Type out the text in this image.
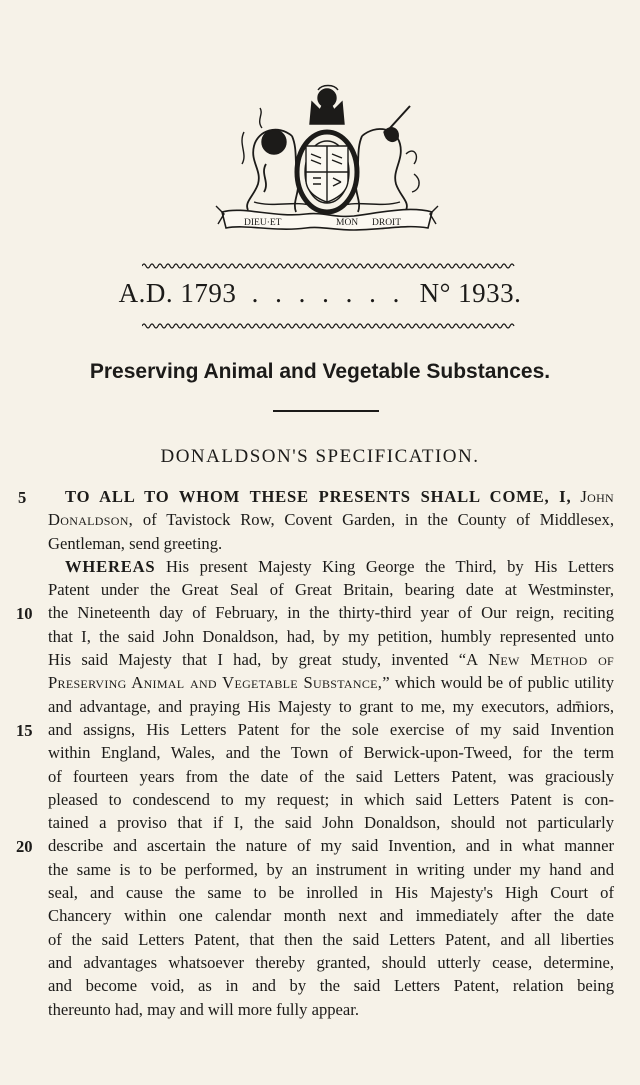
DIEU·ET	MON DROIT
A.D. 1793 . . . . . . . N° 1933.
Preserving Animal and Vegetable Substances.
DONALDSON'S SPECIFICATION.
5
10
15
20
TO ALL TO WHOM THESE PRESENTS SHALL COME, I, John
Donaldson, of Tavistock Row, Covent Garden, in the County of Middlesex,
Gentleman, send greeting.
WHEREAS His present Majesty King George the Third, by His Letters
Patent under the Great Seal of Great Britain, bearing date at Westminster,
the Nineteenth day of February, in the thirty-third year of Our reign, reciting
that I, the said John Donaldson, had, by my petition, humbly represented unto
His said Majesty that I had, by great study, invented “A New Method of
Preserving Animal and Vegetable Substance,” which would be of public utility
and advantage, and praying His Majesty to grant to me, my executors, adm̄iors,
and assigns, His Letters Patent for the sole exercise of my said Invention
within England, Wales, and the Town of Berwick-upon-Tweed, for the term
of fourteen years from the date of the said Letters Patent, was graciously
pleased to condescend to my request; in which said Letters Patent is con-
tained a proviso that if I, the said John Donaldson, should not particularly
describe and ascertain the nature of my said Invention, and in what manner
the same is to be performed, by an instrument in writing under my hand and
seal, and cause the same to be inrolled in His Majesty's High Court of
Chancery within one calendar month next and immediately after the date
of the said Letters Patent, that then the said Letters Patent, and all liberties
and advantages whatsoever thereby granted, should utterly cease, determine,
and become void, as in and by the said Letters Patent, relation being
thereunto had, may and will more fully appear.
